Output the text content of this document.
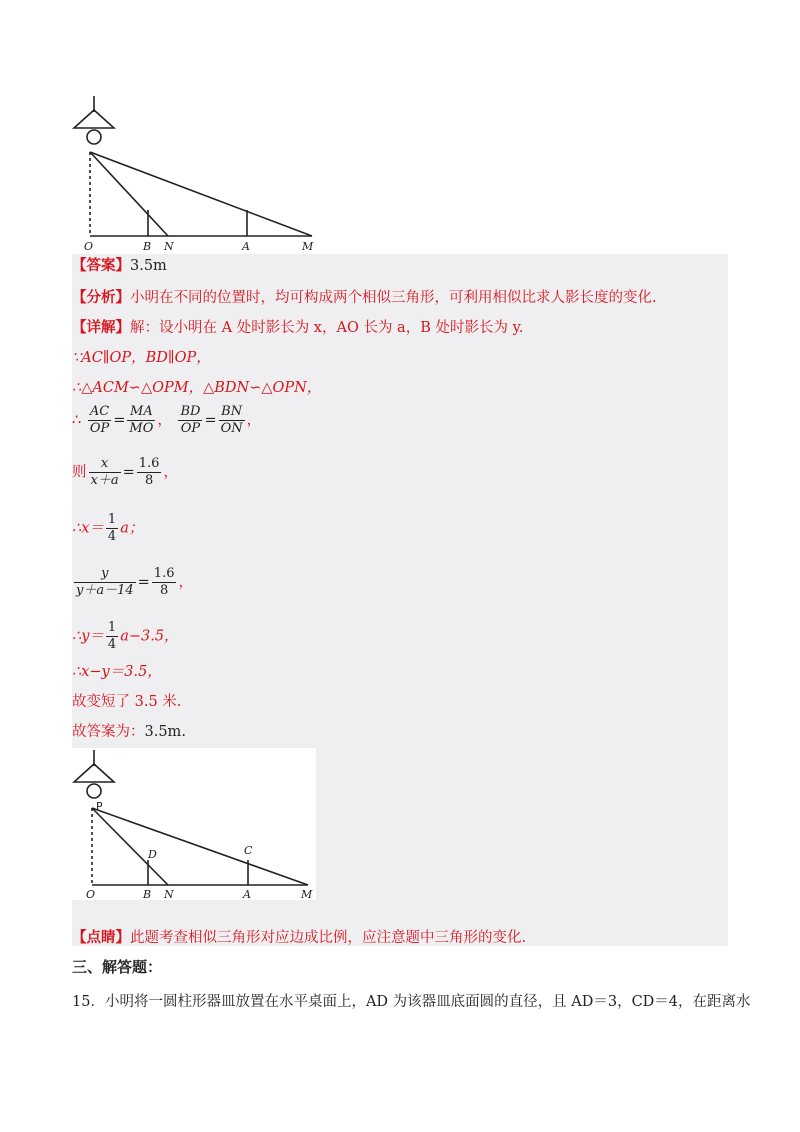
O	B N	A	M
【答案】3.5m
【分析】小明在不同的位置时，均可构成两个相似三角形，可利用相似比求人影长度的变化.
【详解】解：设小明在 A 处时影长为 x，AO 长为 a，B 处时影长为 y.
∵AC∥OP，BD∥OP，
∴△ACM∽△OPM，△BDN∽△OPN，
∴ $\frac{AC}{OP} = \frac{MA}{MO}$ ， $\frac{BD}{OP} = \frac{BN}{ON}$ ，
则 $\frac{x}{x+a} = \frac{1.6}{8}$ ，
∴x＝ $\frac{1}{4}$ a；
$\frac{y}{y+a-14} = \frac{1.6}{8}$ ，
∴y＝ $\frac{1}{4} a-3.5$，
∴x−y＝3.5，
故变短了 3.5 米.
故答案为：3.5m.
P
D	C
O	B N	A	M
【点睛】此题考查相似三角形对应边成比例，应注意题中三角形的变化.
三、解答题：
15．小明将一圆柱形器皿放置在水平桌面上，AD 为该器皿底面圆的直径，且 AD＝3，CD＝4，在距离水
